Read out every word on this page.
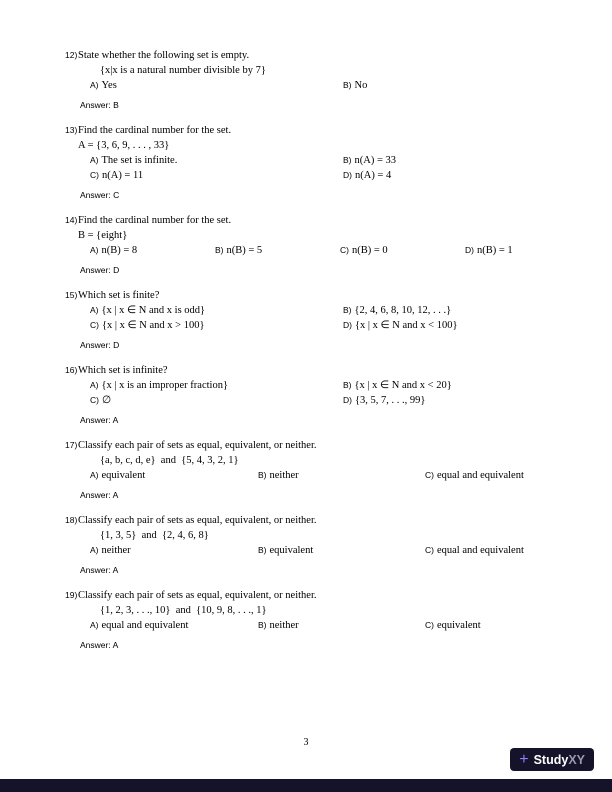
12) State whether the following set is empty.
{x|x is a natural number divisible by 7}
A) Yes	B) No
Answer: B
13) Find the cardinal number for the set.
A = {3, 6, 9, . . . , 33}
A) The set is infinite.	B) n(A) = 33
C) n(A) = 11	D) n(A) = 4
Answer: C
14) Find the cardinal number for the set.
B = {eight}
A) n(B) = 8	B) n(B) = 5	C) n(B) = 0	D) n(B) = 1
Answer: D
15) Which set is finite?
A) {x | x ∈ N and x is odd}	B) {2, 4, 6, 8, 10, 12, . . .}
C) {x | x ∈ N and x > 100}	D) {x | x ∈ N and x < 100}
Answer: D
16) Which set is infinite?
A) {x | x is an improper fraction}	B) {x | x ∈ N and x < 20}
C) ∅	D) {3, 5, 7, . . ., 99}
Answer: A
17) Classify each pair of sets as equal, equivalent, or neither.
{a, b, c, d, e}  and  {5, 4, 3, 2, 1}
A) equivalent	B) neither	C) equal and equivalent
Answer: A
18) Classify each pair of sets as equal, equivalent, or neither.
{1, 3, 5}  and  {2, 4, 6, 8}
A) neither	B) equivalent	C) equal and equivalent
Answer: A
19) Classify each pair of sets as equal, equivalent, or neither.
{1, 2, 3, . . ., 10}  and  {10, 9, 8, . . ., 1}
A) equal and equivalent	B) neither	C) equivalent
Answer: A
3
+ StudyXY
